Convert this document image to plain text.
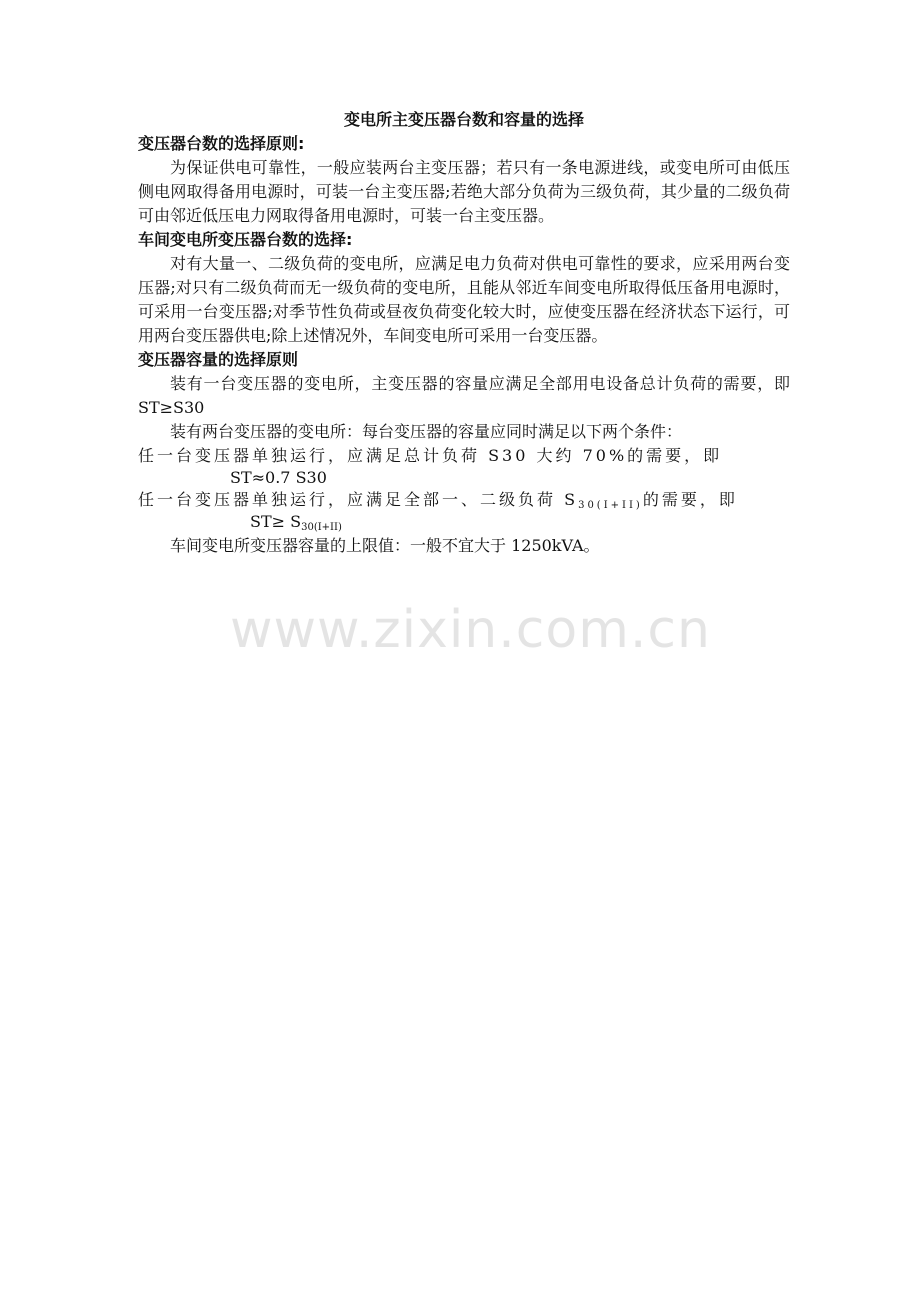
变电所主变压器台数和容量的选择

变压器台数的选择原则:

为保证供电可靠性，一般应装两台主变压器；若只有一条电源进线，或变电所可由低压侧电网取得备用电源时，可装一台主变压器;若绝大部分负荷为三级负荷，其少量的二级负荷可由邻近低压电力网取得备用电源时，可装一台主变压器。

车间变电所变压器台数的选择:

对有大量一、二级负荷的变电所，应满足电力负荷对供电可靠性的要求，应采用两台变压器;对只有二级负荷而无一级负荷的变电所，且能从邻近车间变电所取得低压备用电源时，可采用一台变压器;对季节性负荷或昼夜负荷变化较大时，应使变压器在经济状态下运行，可用两台变压器供电;除上述情况外，车间变电所可采用一台变压器。

变压器容量的选择原则

装有一台变压器的变电所，主变压器的容量应满足全部用电设备总计负荷的需要，即 ST≥S30

装有两台变压器的变电所：每台变压器的容量应同时满足以下两个条件：

任一台变压器单独运行，应满足总计负荷 S30 大约 70%的需要，即

ST≈0.7 S30

任一台变压器单独运行，应满足全部一、二级负荷 $S_{30(I+II)}$的需要，即

$ST\ge S_{30(I+II)}$

车间变电所变压器容量的上限值：一般不宜大于 1250kVA。

www.zixin.com.cn
